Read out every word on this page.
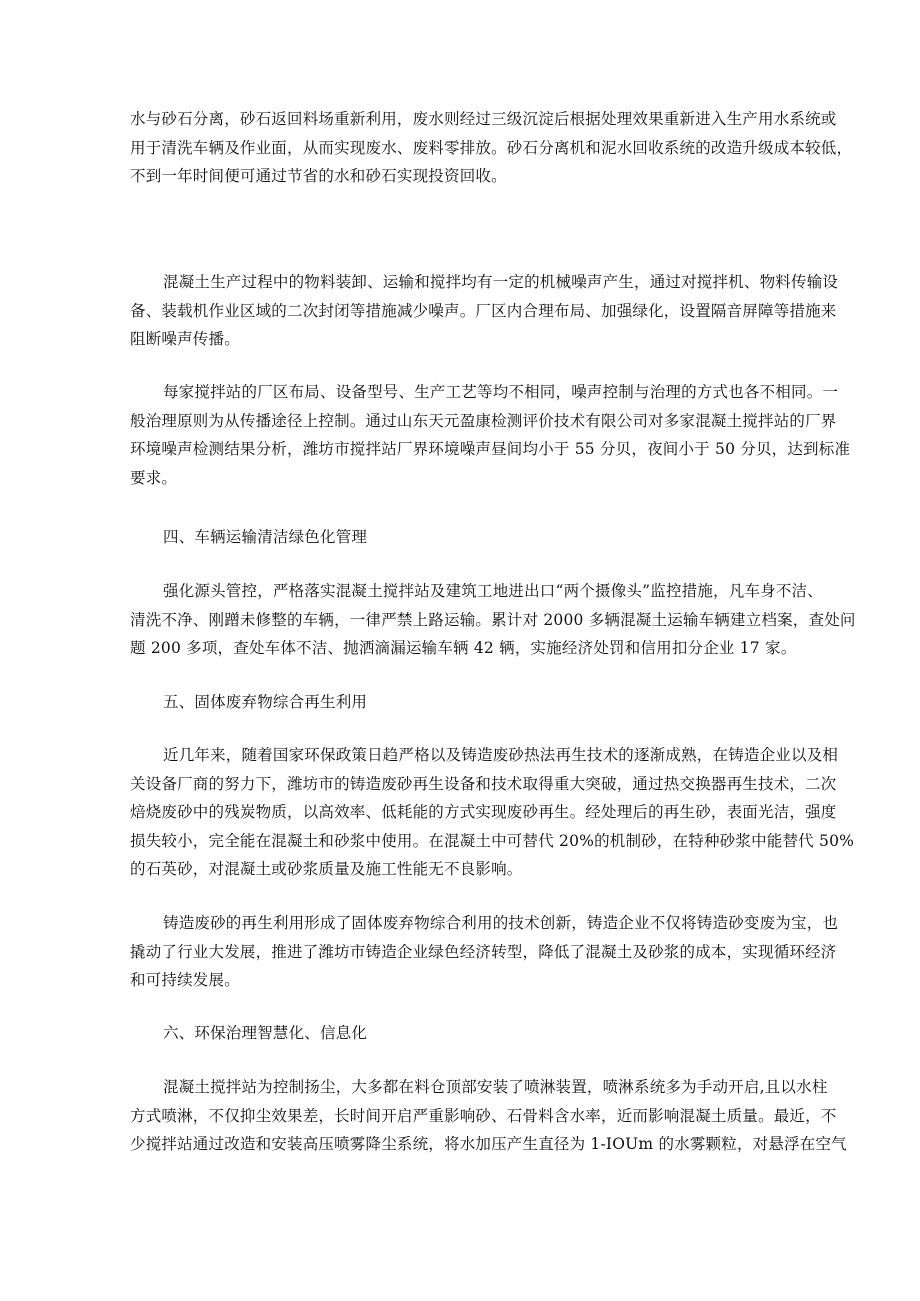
水与砂石分离，砂石返回料场重新利用，废水则经过三级沉淀后根据处理效果重新进入生产用水系统或
用于清洗车辆及作业面，从而实现废水、废料零排放。砂石分离机和泥水回收系统的改造升级成本较低，
不到一年时间便可通过节省的水和砂石实现投资回收。

混凝土生产过程中的物料装卸、运输和搅拌均有一定的机械噪声产生，通过对搅拌机、物料传输设
备、装载机作业区域的二次封闭等措施减少噪声。厂区内合理布局、加强绿化，设置隔音屏障等措施来
阻断噪声传播。

每家搅拌站的厂区布局、设备型号、生产工艺等均不相同，噪声控制与治理的方式也各不相同。一
般治理原则为从传播途径上控制。通过山东天元盈康检测评价技术有限公司对多家混凝土搅拌站的厂界
环境噪声检测结果分析，潍坊市搅拌站厂界环境噪声昼间均小于 55 分贝，夜间小于 50 分贝，达到标准
要求。

四、车辆运输清洁绿色化管理

强化源头管控，严格落实混凝土搅拌站及建筑工地进出口“两个摄像头”监控措施，凡车身不洁、
清洗不净、刚蹭未修整的车辆，一律严禁上路运输。累计对 2000 多辆混凝土运输车辆建立档案，查处问
题 200 多项，查处车体不洁、抛洒滴漏运输车辆 42 辆，实施经济处罚和信用扣分企业 17 家。

五、固体废弃物综合再生利用

近几年来，随着国家环保政策日趋严格以及铸造废砂热法再生技术的逐渐成熟，在铸造企业以及相
关设备厂商的努力下，潍坊市的铸造废砂再生设备和技术取得重大突破，通过热交换器再生技术，二次
焙烧废砂中的残炭物质，以高效率、低耗能的方式实现废砂再生。经处理后的再生砂，表面光洁，强度
损失较小，完全能在混凝土和砂浆中使用。在混凝土中可替代 20%的机制砂，在特种砂浆中能替代 50%
的石英砂，对混凝土或砂浆质量及施工性能无不良影响。

铸造废砂的再生利用形成了固体废弃物综合利用的技术创新，铸造企业不仅将铸造砂变废为宝，也
撬动了行业大发展，推进了潍坊市铸造企业绿色经济转型，降低了混凝土及砂浆的成本，实现循环经济
和可持续发展。

六、环保治理智慧化、信息化

混凝土搅拌站为控制扬尘，大多都在料仓顶部安装了喷淋装置，喷淋系统多为手动开启,且以水柱
方式喷淋，不仅抑尘效果差，长时间开启严重影响砂、石骨料含水率，近而影响混凝土质量。最近，不
少搅拌站通过改造和安装高压喷雾降尘系统，将水加压产生直径为 1-IOUm 的水雾颗粒，对悬浮在空气
